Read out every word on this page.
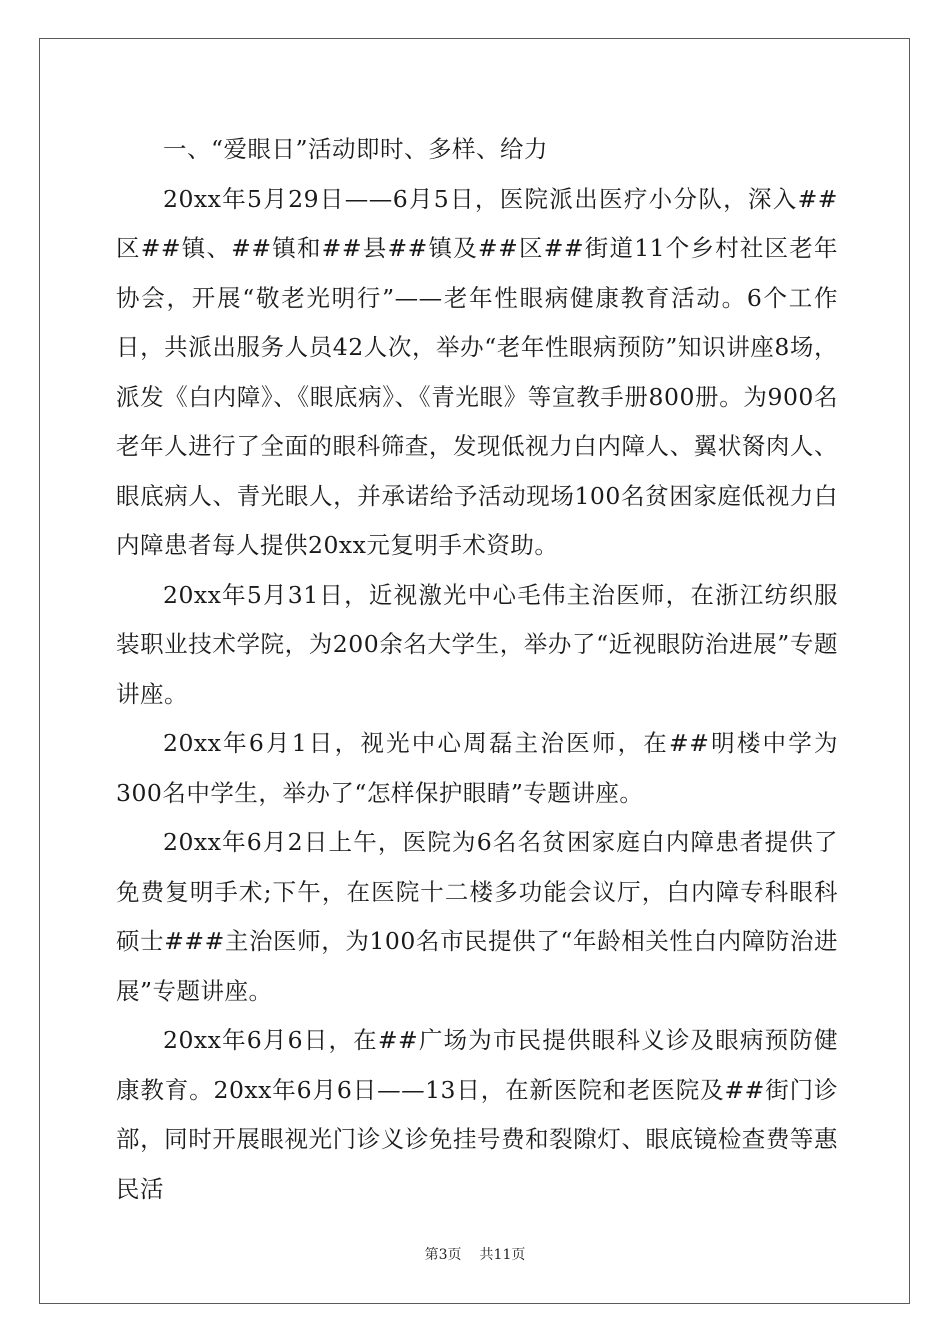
一、“爱眼日”活动即时、多样、给力

20xx年5月29日——6月5日，医院派出医疗小分队，深入##区##镇、##镇和##县##镇及##区##街道11个乡村社区老年协会，开展“敬老光明行”——老年性眼病健康教育活动。6个工作日，共派出服务人员42人次，举办“老年性眼病预防”知识讲座8场，派发《白内障》、《眼底病》、《青光眼》等宣教手册800册。为900名老年人进行了全面的眼科筛查，发现低视力白内障人、翼状胬肉人、眼底病人、青光眼人，并承诺给予活动现场100名贫困家庭低视力白内障患者每人提供20xx元复明手术资助。

20xx年5月31日，近视激光中心毛伟主治医师，在浙江纺织服装职业技术学院，为200余名大学生，举办了“近视眼防治进展”专题讲座。

20xx年6月1日，视光中心周磊主治医师，在##明楼中学为300名中学生，举办了“怎样保护眼睛”专题讲座。

20xx年6月2日上午，医院为6名名贫困家庭白内障患者提供了免费复明手术;下午，在医院十二楼多功能会议厅，白内障专科眼科硕士###主治医师，为100名市民提供了“年龄相关性白内障防治进展”专题讲座。

20xx年6月6日，在##广场为市民提供眼科义诊及眼病预防健康教育。20xx年6月6日——13日，在新医院和老医院及##街门诊部，同时开展眼视光门诊义诊免挂号费和裂隙灯、眼底镜检查费等惠民活

第3页 共11页
